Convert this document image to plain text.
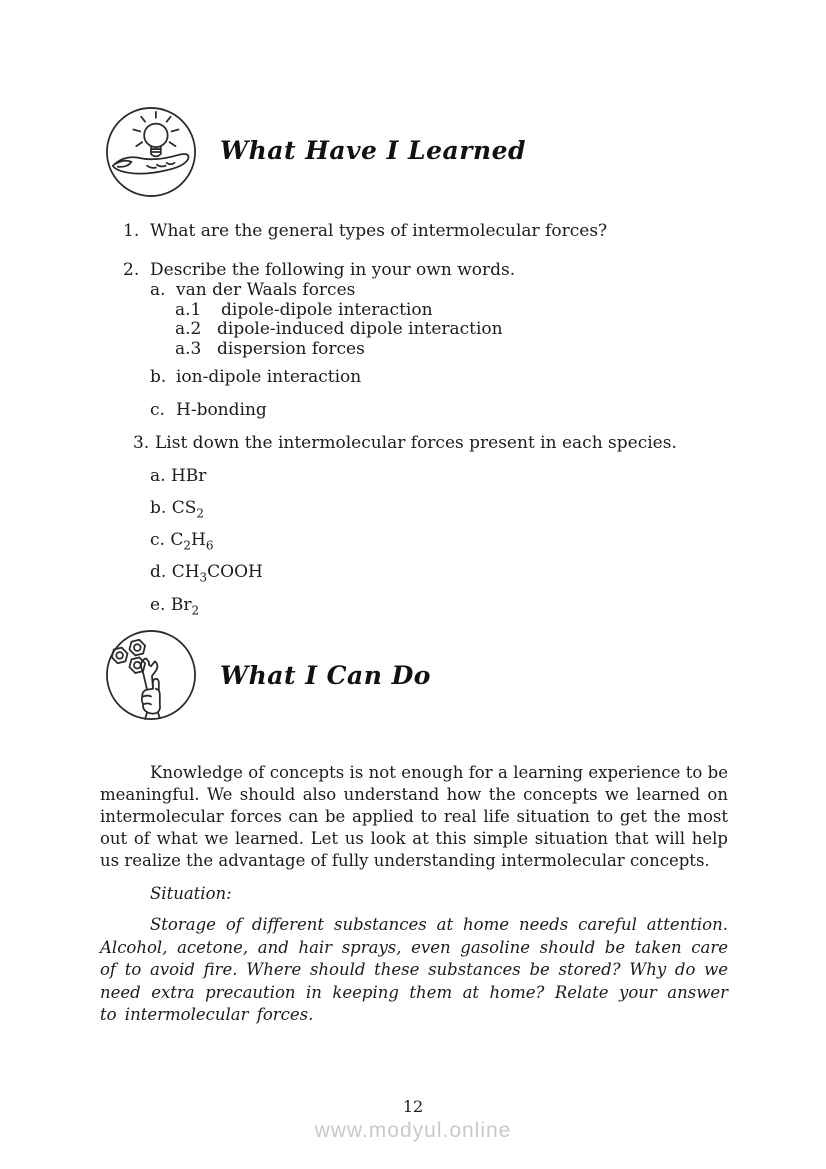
What Have I Learned
1. What are the general types of intermolecular forces?
2. Describe the following in your own words.
a. van der Waals forces
a.1 dipole-dipole interaction
a.2 dipole-induced dipole interaction
a.3 dispersion forces
b. ion-dipole interaction
c. H-bonding
3. List down the intermolecular forces present in each species.
a. HBr
b. $CS_2$
c. $C_2H_6$
d. $CH_3COOH$
e. $Br_2$
What I Can Do
Knowledge of concepts is not enough for a learning experience to be meaningful. We should also understand how the concepts we learned on intermolecular forces can be applied to real life situation to get the most out of what we learned. Let us look at this simple situation that will help us realize the advantage of fully understanding intermolecular concepts.
Situation:
Storage of different substances at home needs careful attention. Alcohol, acetone, and hair sprays, even gasoline should be taken care of to avoid fire. Where should these substances be stored? Why do we need extra precaution in keeping them at home? Relate your answer to intermolecular forces.
12
www.modyul.online
